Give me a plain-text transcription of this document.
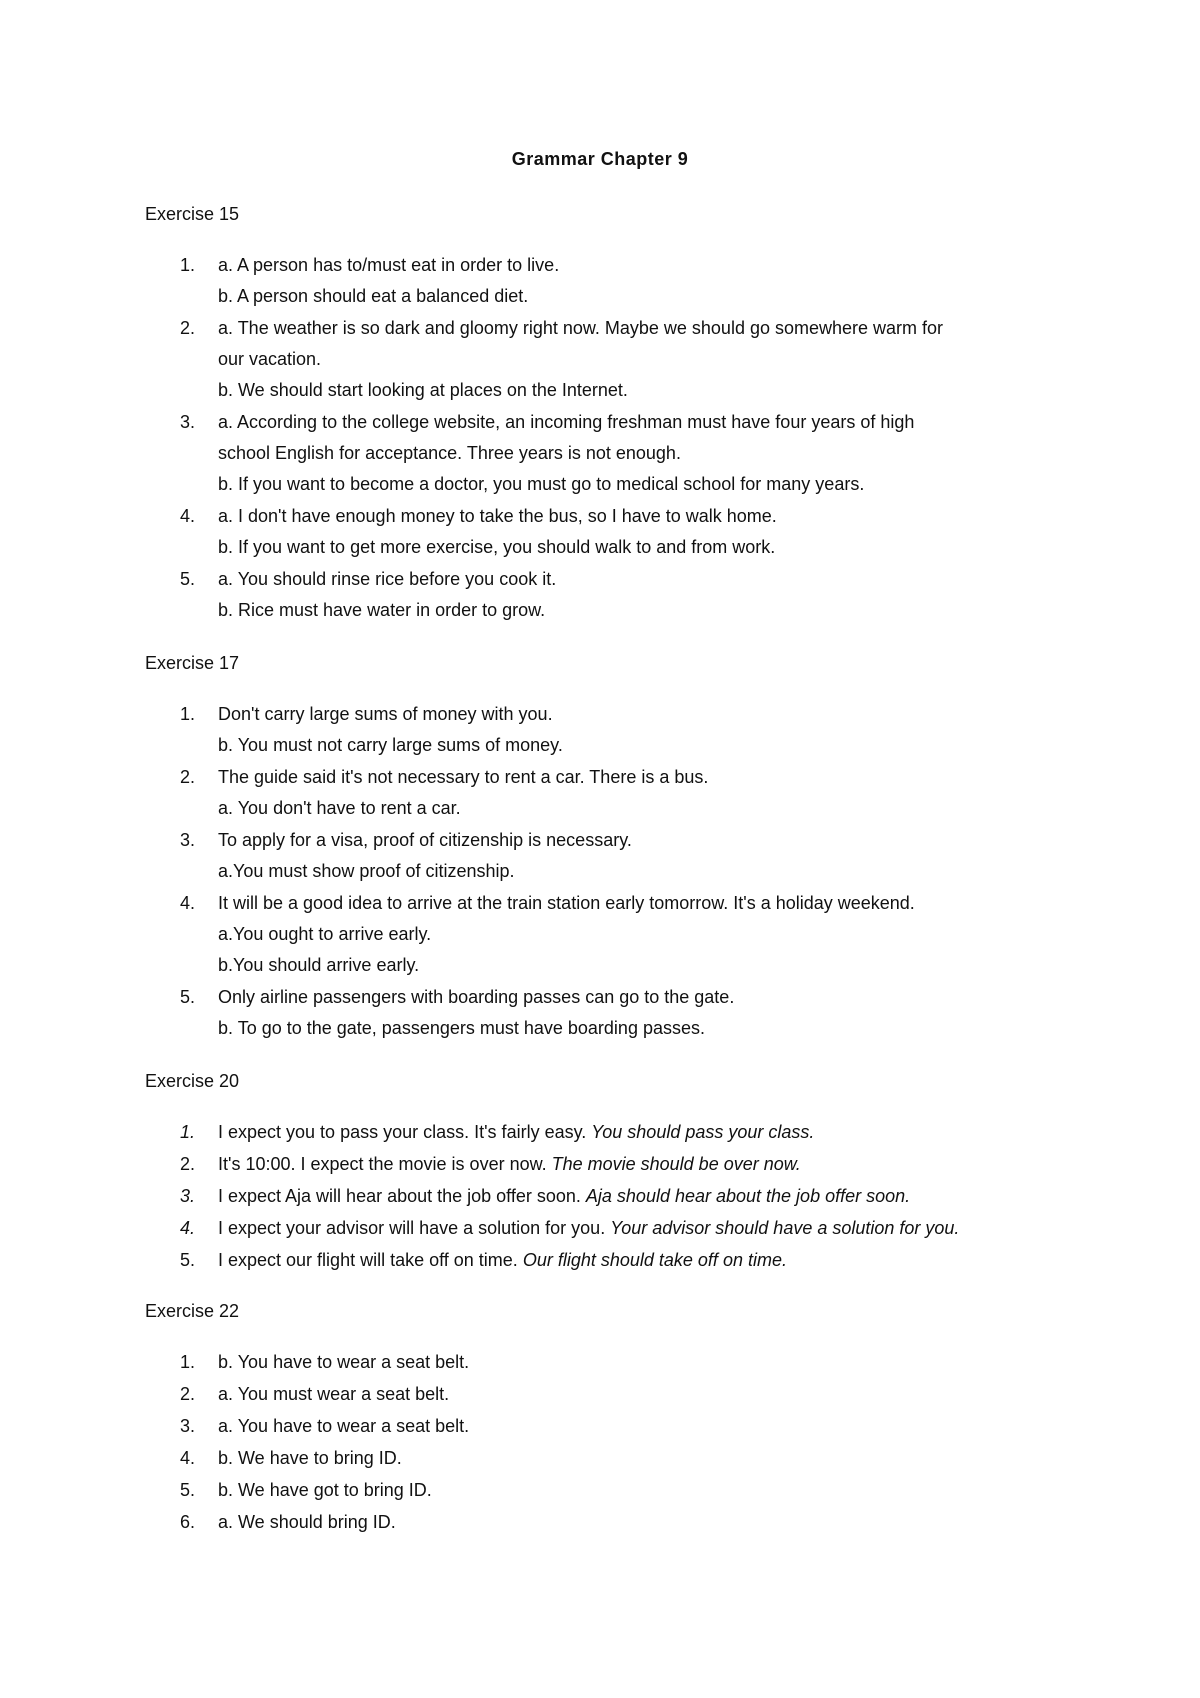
Grammar Chapter 9
Exercise 15
1. a. A person has to/must eat in order to live.
b. A person should eat a balanced diet.
2. a. The weather is so dark and gloomy right now. Maybe we should go somewhere warm for
our vacation.
b. We should start looking at places on the Internet.
3. a. According to the college website, an incoming freshman must have four years of high
school English for acceptance. Three years is not enough.
b. If you want to become a doctor, you must go to medical school for many years.
4. a. I don't have enough money to take the bus, so I have to walk home.
b. If you want to get more exercise, you should walk to and from work.
5. a. You should rinse rice before you cook it.
b. Rice must have water in order to grow.
Exercise 17
1. Don't carry large sums of money with you.
b. You must not carry large sums of money.
2. The guide said it's not necessary to rent a car. There is a bus.
a. You don't have to rent a car.
3. To apply for a visa, proof of citizenship is necessary.
a.You must show proof of citizenship.
4. It will be a good idea to arrive at the train station early tomorrow. It's a holiday weekend.
a.You ought to arrive early.
b.You should arrive early.
5. Only airline passengers with boarding passes can go to the gate.
b. To go to the gate, passengers must have boarding passes.
Exercise 20
1. I expect you to pass your class. It's fairly easy. You should pass your class.
2. It's 10:00. I expect the movie is over now. The movie should be over now.
3. I expect Aja will hear about the job offer soon. Aja should hear about the job offer soon.
4. I expect your advisor will have a solution for you. Your advisor should have a solution for you.
5. I expect our flight will take off on time. Our flight should take off on time.
Exercise 22
1. b. You have to wear a seat belt.
2. a. You must wear a seat belt.
3. a. You have to wear a seat belt.
4. b. We have to bring ID.
5. b. We have got to bring ID.
6. a. We should bring ID.
